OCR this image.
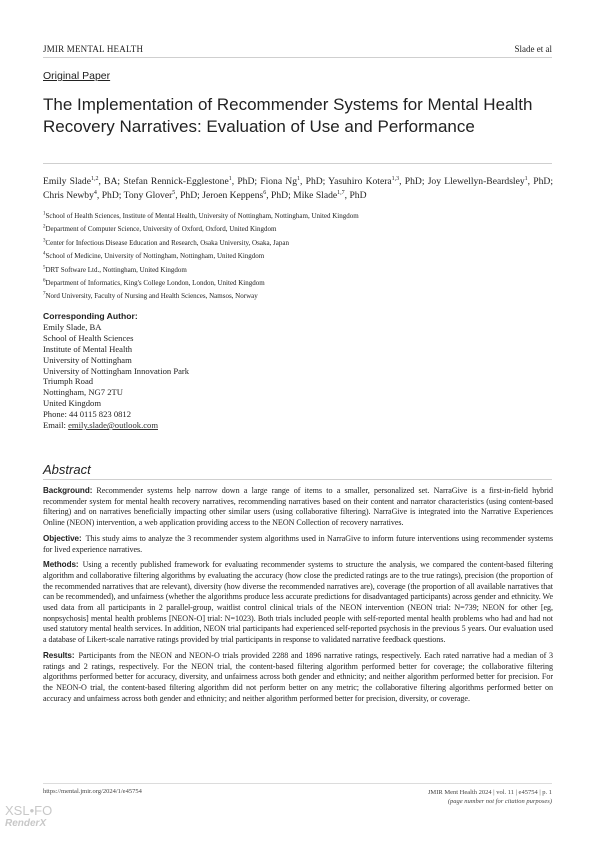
JMIR MENTAL HEALTH	Slade et al
Original Paper
The Implementation of Recommender Systems for Mental Health Recovery Narratives: Evaluation of Use and Performance
Emily Slade$^{1,2}$, BA; Stefan Rennick-Egglestone$^1$, PhD; Fiona Ng$^1$, PhD; Yasuhiro Kotera$^{1,3}$, PhD; Joy Llewellyn-Beardsley$^1$, PhD; Chris Newby$^4$, PhD; Tony Glover$^5$, PhD; Jeroen Keppens$^6$, PhD; Mike Slade$^{1,7}$, PhD
$^1$School of Health Sciences, Institute of Mental Health, University of Nottingham, Nottingham, United Kingdom
$^2$Department of Computer Science, University of Oxford, Oxford, United Kingdom
$^3$Center for Infectious Disease Education and Research, Osaka University, Osaka, Japan
$^4$School of Medicine, University of Nottingham, Nottingham, United Kingdom
$^5$DRT Software Ltd., Nottingham, United Kingdom
$^6$Department of Informatics, King's College London, London, United Kingdom
$^7$Nord University, Faculty of Nursing and Health Sciences, Namsos, Norway
Corresponding Author:
Emily Slade, BA
School of Health Sciences
Institute of Mental Health
University of Nottingham
University of Nottingham Innovation Park
Triumph Road
Nottingham, NG7 2TU
United Kingdom
Phone: 44 0115 823 0812
Email: emily.slade@outlook.com
Abstract

Background: Recommender systems help narrow down a large range of items to a smaller, personalized set. NarraGive is a first-in-field hybrid recommender system for mental health recovery narratives, recommending narratives based on their content and narrator characteristics (using content-based filtering) and on narratives beneficially impacting other similar users (using collaborative filtering). NarraGive is integrated into the Narrative Experiences Online (NEON) intervention, a web application providing access to the NEON Collection of recovery narratives.

Objective: This study aims to analyze the 3 recommender system algorithms used in NarraGive to inform future interventions using recommender systems for lived experience narratives.

Methods: Using a recently published framework for evaluating recommender systems to structure the analysis, we compared the content-based filtering algorithm and collaborative filtering algorithms by evaluating the accuracy (how close the predicted ratings are to the true ratings), precision (the proportion of the recommended narratives that are relevant), diversity (how diverse the recommended narratives are), coverage (the proportion of all available narratives that can be recommended), and unfairness (whether the algorithms produce less accurate predictions for disadvantaged participants) across gender and ethnicity. We used data from all participants in 2 parallel-group, waitlist control clinical trials of the NEON intervention (NEON trial: N=739; NEON for other [eg, nonpsychosis] mental health problems [NEON-O] trial: N=1023). Both trials included people with self-reported mental health problems who had and had not used statutory mental health services. In addition, NEON trial participants had experienced self-reported psychosis in the previous 5 years. Our evaluation used a database of Likert-scale narrative ratings provided by trial participants in response to validated narrative feedback questions.

Results: Participants from the NEON and NEON-O trials provided 2288 and 1896 narrative ratings, respectively. Each rated narrative had a median of 3 ratings and 2 ratings, respectively. For the NEON trial, the content-based filtering algorithm performed better for coverage; the collaborative filtering algorithms performed better for accuracy, diversity, and unfairness across both gender and ethnicity; and neither algorithm performed better for precision. For the NEON-O trial, the content-based filtering algorithm did not perform better on any metric; the collaborative filtering algorithms performed better on accuracy and unfairness across both gender and ethnicity; and neither algorithm performed better for precision, diversity, or coverage.

https://mental.jmir.org/2024/1/e45754	JMIR Ment Health 2024 | vol. 11 | e45754 | p. 1
(page number not for citation purposes)
XSL•FO
RenderX
